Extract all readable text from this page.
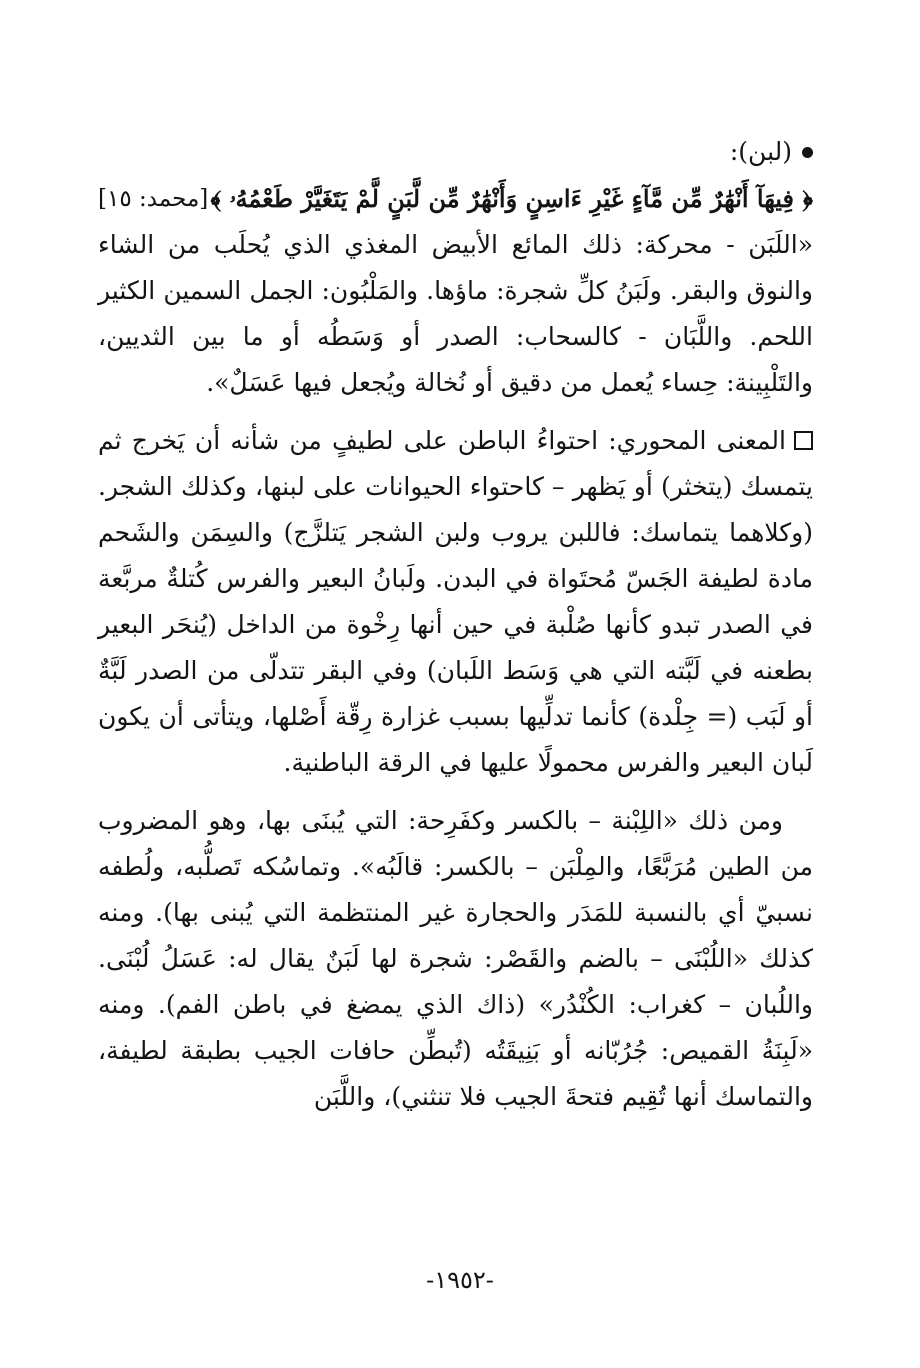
(لبن):
﴿ فِيهَآ أَنْهَٰرٌ مِّن مَّآءٍ غَيْرِ ءَاسِنٍ وَأَنْهَٰرٌ مِّن لَّبَنٍ لَّمْ يَتَغَيَّرْ طَعْمُهُۥ ﴾
[محمد: ١٥]

«اللَبَن - محركة: ذلك المائع الأبيض المغذي الذي يُحلَب من الشاء والنوق والبقر. ولَبَنُ كلِّ شجرة: ماؤها. والمَلْبُون: الجمل السمين الكثير اللحم. واللَّبَان - كالسحاب: الصدر أو وَسَطُه أو ما بين الثديين، والتَلْبِينة: حِساء يُعمل من دقيق أو نُخالة ويُجعل فيها عَسَلٌ».

المعنى المحوري: احتواءُ الباطن على لطيفٍ من شأنه أن يَخرج ثم يتمسك (يتخثر) أو يَظهر – كاحتواء الحيوانات على لبنها، وكذلك الشجر. (وكلاهما يتماسك: فاللبن يروب ولبن الشجر يَتلزَّج) والسِمَن والشَحم مادة لطيفة الجَسّ مُحتَواة في البدن. ولَبانُ البعير والفرس كُتلةٌ مربَّعة في الصدر تبدو كأنها صُلْبة في حين أنها رِخْوة من الداخل (يُنحَر البعير بطعنه في لَبَّته التي هي وَسَط اللَبان) وفي البقر تتدلّى من الصدر لَبَّةٌ أو لَبَب (= جِلْدة) كأنما تدلِّيها بسبب غزارة رِقّة أَصْلها، ويتأتى أن يكون لَبان البعير والفرس محمولًا عليها في الرقة الباطنية.

ومن ذلك «اللِبْنة – بالكسر وكفَرِحة: التي يُبنَى بها، وهو المضروب من الطين مُرَبَّعًا، والمِلْبَن – بالكسر: قالَبُه». وتماسُكه تَصلُّبه، ولُطفه نسبيّ أي بالنسبة للمَدَر والحجارة غير المنتظمة التي يُبنى بها). ومنه كذلك «اللُبْنَى – بالضم والقَصْر: شجرة لها لَبَنٌ يقال له: عَسَلُ لُبْنَى. واللُبان – كغراب: الكُنْدُر» (ذاك الذي يمضغ في باطن الفم). ومنه «لَبِنَةُ القميص: جُرُبّانه أو بَنِيقَتُه (تُبطِّن حافات الجيب بطبقة لطيفة، والتماسك أنها تُقِيم فتحةَ الجيب فلا تنثني)، واللَّبَن

-١٩٥٢-
